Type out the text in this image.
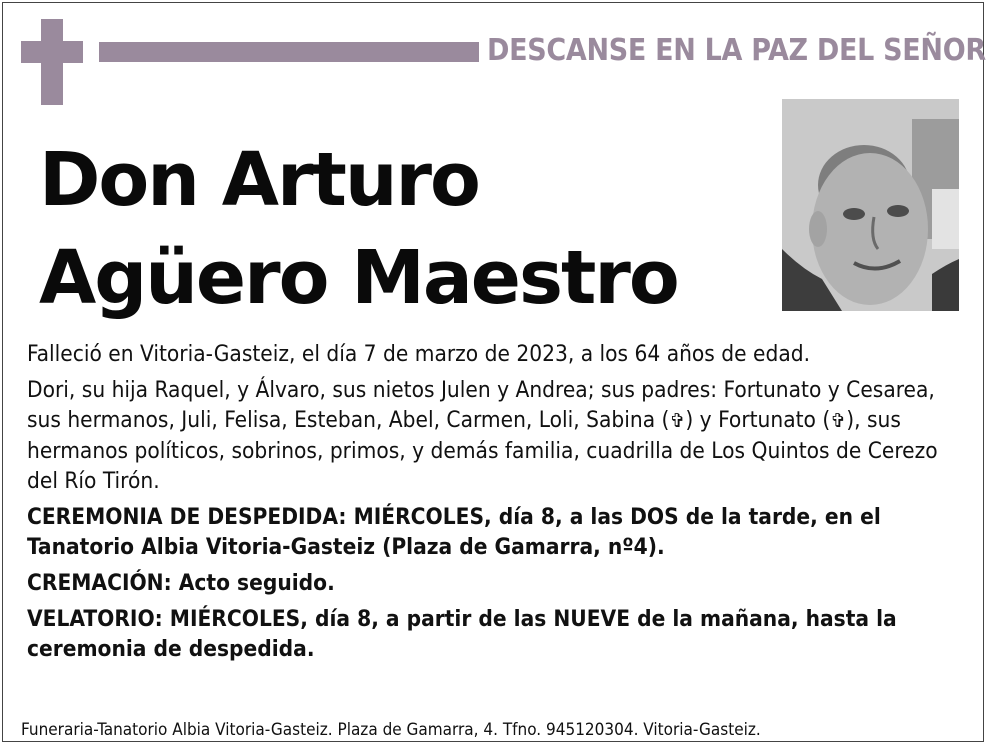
DESCANSE EN LA PAZ DEL SEÑOR
Don Arturo
Agüero Maestro

Falleció en Vitoria-Gasteiz, el día 7 de marzo de 2023, a los 64 años de edad.

Dori, su hija Raquel, y Álvaro, sus nietos Julen y Andrea; sus padres: Fortunato y Cesarea, sus hermanos, Juli, Felisa, Esteban, Abel, Carmen, Loli, Sabina (✞) y Fortunato (✞), sus hermanos políticos, sobrinos, primos, y demás familia, cuadrilla de Los Quintos de Cerezo del Río Tirón.

CEREMONIA DE DESPEDIDA: MIÉRCOLES, día 8, a las DOS de la tarde, en el Tanatorio Albia Vitoria-Gasteiz (Plaza de Gamarra, nº4).

CREMACIÓN: Acto seguido.

VELATORIO: MIÉRCOLES, día 8, a partir de las NUEVE de la mañana, hasta la ceremonia de despedida.

Funeraria-Tanatorio Albia Vitoria-Gasteiz. Plaza de Gamarra, 4. Tfno. 945120304. Vitoria-Gasteiz.
